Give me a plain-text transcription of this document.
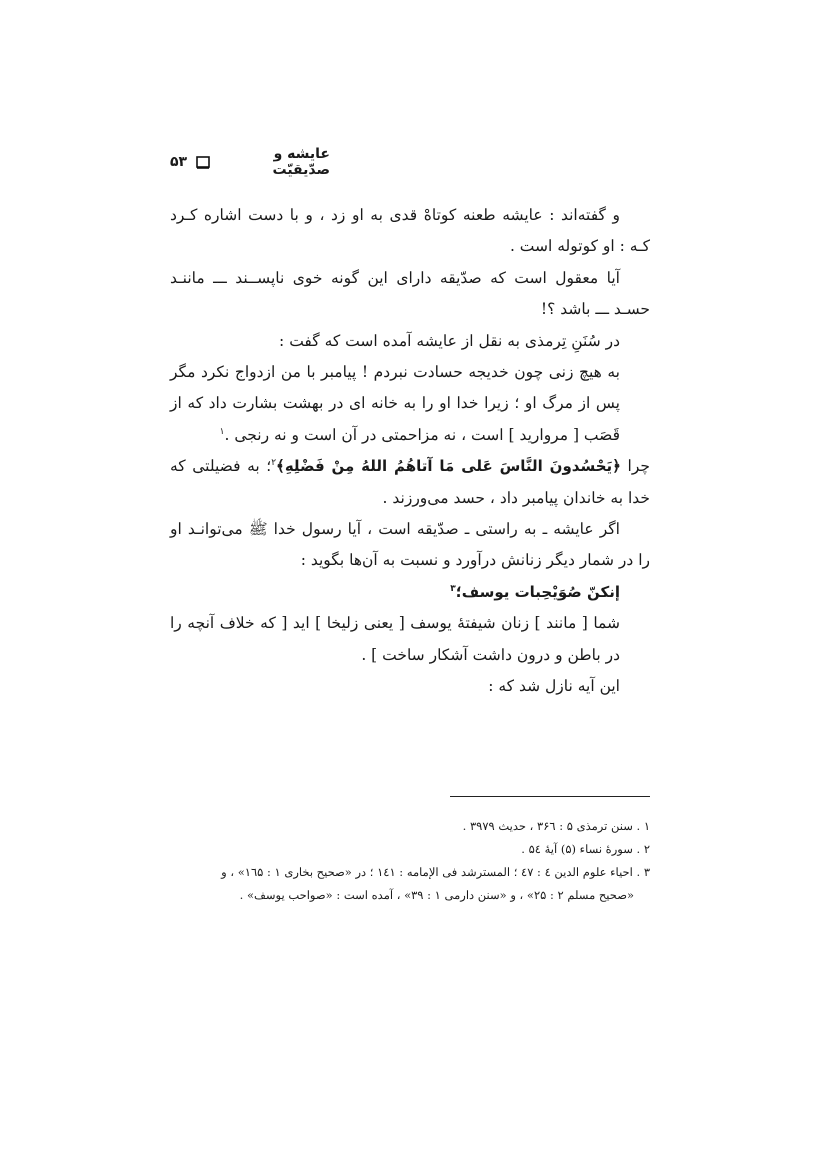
عایشه و صدّیقیّت
۵۳

و گفته‌اند : عایشه طعنه کوتاهْ قدی به او زد ، و با دست اشاره کـرد کـه : او کوتوله است .

آیا معقول است که صدّیقه دارای این گونه خوی ناپســند ـــ ماننـد حسـد ـــ باشد ؟!

در سُنَنِ تِرمذی به نقل از عایشه آمده است که گفت :

به هیچ زنی چون خدیجه حسادت نبردم ! پیامبر با من ازدواج نکرد مگر پس از مرگ او ؛ زیرا خدا او را به خانه ای در بهشت بشارت داد که از قَصَب [ مروارید ] است ، نه مزاحمتی در آن است و نه رنجی .$^۱$

چرا ﴿یَحْسُدونَ النَّاسَ عَلى مَا آتاهُمُ اللهُ مِنْ فَضْلِهِ﴾$^۲$؛ به فضیلتی که خدا به خاندان پیامبر داد ، حسد می‌ورزند .

اگر عایشه ـ به راستی ـ صدّیقه است ، آیا رسول خدا ﷺ می‌توانـد او را در شمار دیگر زنانش درآورد و نسبت به آن‌ها بگوید :

إنکنّ صُوَیْحِبات یوسف؛$^۳$

شما [ مانند ] زنان شیفتهٔ یوسف [ یعنی زلیخا ] اید [ که خلاف آنچه را در باطن و درون داشت آشکار ساخت ] .

این آیه نازل شد که :

۱ . سنن ترمذی ۵ : ۳۶٦ ، حدیث ۳۹۷۹ .

۲ . سورهٔ نساء (۵) آیهٔ ۵٤ .

۳ . احیاء علوم الدین ٤ : ٤۷ ؛ المسترشد فی الإمامه : ۱٤۱ ؛ در «صحیح بخاری ۱ : ۱٦۵» ، و

«صحیح مسلم ۲ : ۲۵» ، و «سنن دارمی ۱ : ۳۹» ، آمده است : «صواحب یوسف» .
